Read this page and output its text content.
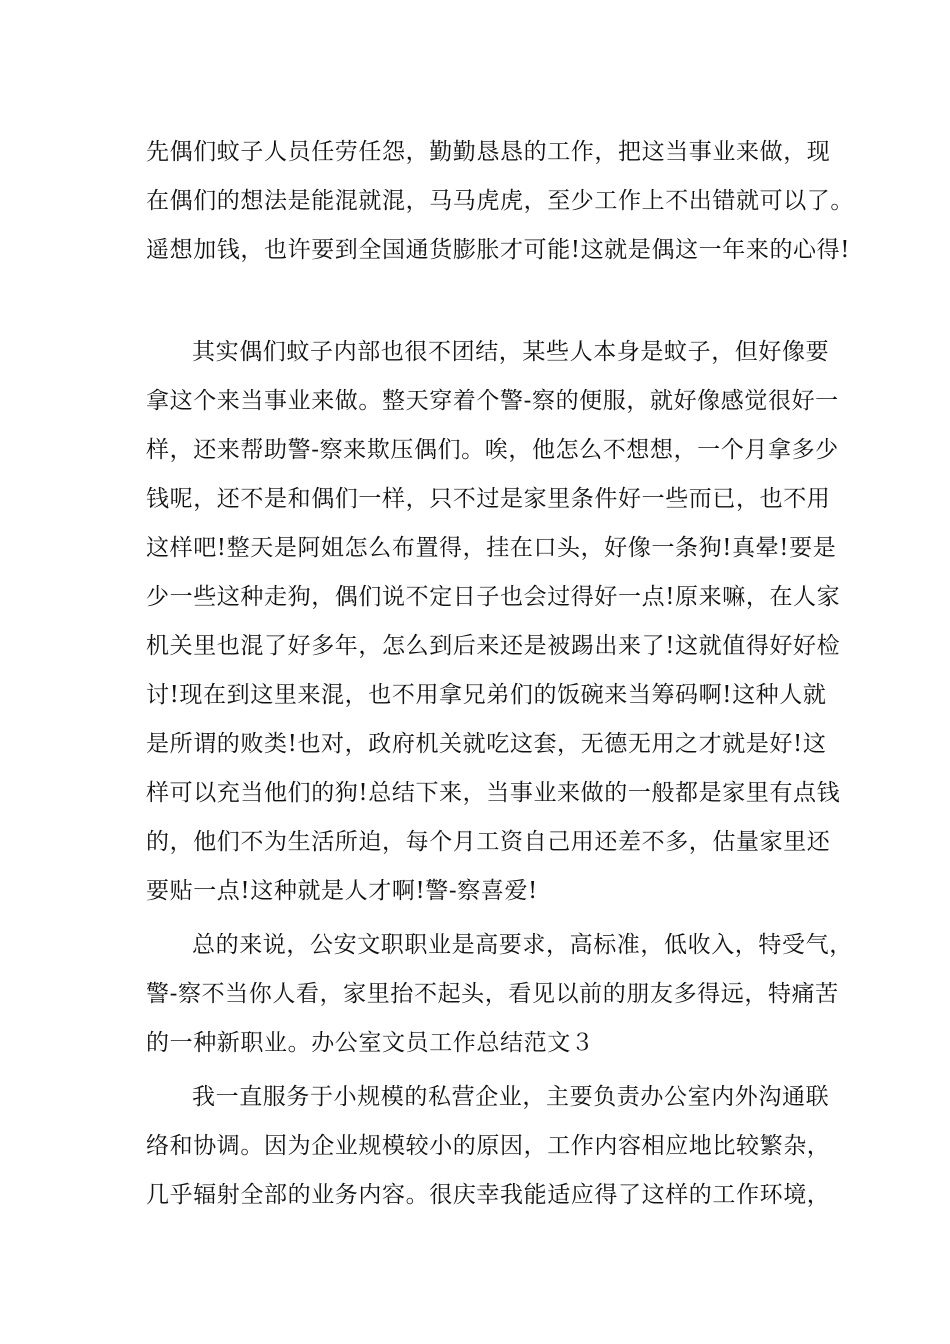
先偶们蚊子人员任劳任怨，勤勤恳恳的工作，把这当事业来做，现
在偶们的想法是能混就混，马马虎虎，至少工作上不出错就可以了。
遥想加钱，也许要到全国通货膨胀才可能!这就是偶这一年来的心得!
其实偶们蚊子内部也很不团结，某些人本身是蚊子，但好像要
拿这个来当事业来做。整天穿着个警-察的便服，就好像感觉很好一
样，还来帮助警-察来欺压偶们。唉，他怎么不想想，一个月拿多少
钱呢，还不是和偶们一样，只不过是家里条件好一些而已，也不用
这样吧!整天是阿姐怎么布置得，挂在口头，好像一条狗!真晕!要是
少一些这种走狗，偶们说不定日子也会过得好一点!原来嘛，在人家
机关里也混了好多年，怎么到后来还是被踢出来了!这就值得好好检
讨!现在到这里来混，也不用拿兄弟们的饭碗来当筹码啊!这种人就
是所谓的败类!也对，政府机关就吃这套，无德无用之才就是好!这
样可以充当他们的狗!总结下来，当事业来做的一般都是家里有点钱
的，他们不为生活所迫，每个月工资自己用还差不多，估量家里还
要贴一点!这种就是人才啊!警-察喜爱!
总的来说，公安文职职业是高要求，高标准，低收入，特受气，
警-察不当你人看，家里抬不起头，看见以前的朋友多得远，特痛苦
的一种新职业。办公室文员工作总结范文３
我一直服务于小规模的私营企业，主要负责办公室内外沟通联
络和协调。因为企业规模较小的原因，工作内容相应地比较繁杂，
几乎辐射全部的业务内容。很庆幸我能适应得了这样的工作环境，
